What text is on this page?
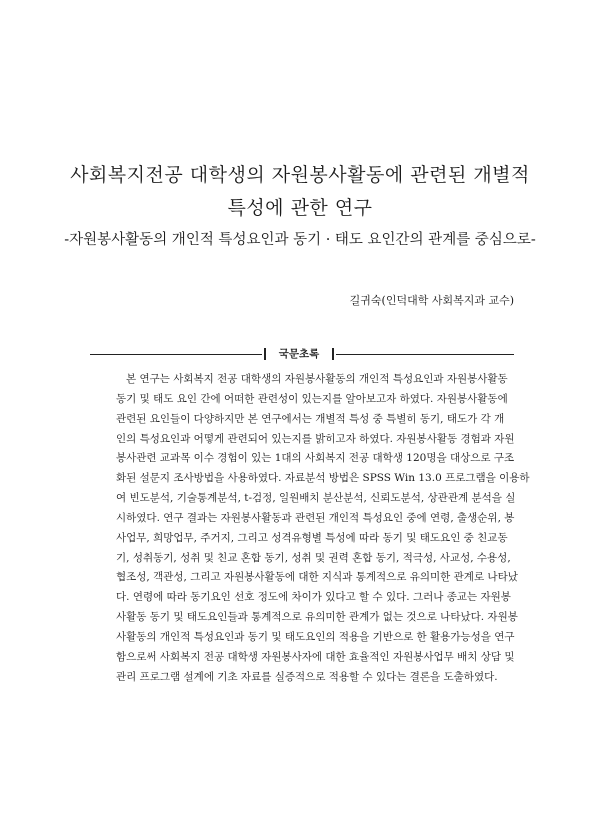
사회복지전공 대학생의 자원봉사활동에 관련된 개별적
특성에 관한 연구

-자원봉사활동의 개인적 특성요인과 동기 · 태도 요인간의 관계를 중심으로-

길귀숙(인덕대학 사회복지과 교수)

국문초록
본 연구는 사회복지 전공 대학생의 자원봉사활동의 개인적 특성요인과 자원봉사활동
동기 및 태도 요인 간에 어떠한 관련성이 있는지를 알아보고자 하였다. 자원봉사활동에
관련된 요인들이 다양하지만 본 연구에서는 개별적 특성 중 특별히 동기, 태도가 각 개
인의 특성요인과 어떻게 관련되어 있는지를 밝히고자 하였다. 자원봉사활동 경험과 자원
봉사관련 교과목 이수 경험이 있는 1대의 사회복지 전공 대학생 120명을 대상으로 구조
화된 설문지 조사방법을 사용하였다. 자료분석 방법은 SPSS Win 13.0 프로그램을 이용하
여 빈도분석, 기술통계분석, t-검정, 일원배치 분산분석, 신뢰도분석, 상관관계 분석을 실
시하였다. 연구 결과는 자원봉사활동과 관련된 개인적 특성요인 중에 연령, 출생순위, 봉
사업무, 희망업무, 주거지, 그리고 성격유형별 특성에 따라 동기 및 태도요인 중 친교동
기, 성취동기, 성취 및 친교 혼합 동기, 성취 및 권력 혼합 동기, 적극성, 사교성, 수용성,
협조성, 객관성, 그리고 자원봉사활동에 대한 지식과 통계적으로 유의미한 관계로 나타났
다. 연령에 따라 동기요인 선호 정도에 차이가 있다고 할 수 있다. 그러나 종교는 자원봉
사활동 동기 및 태도요인들과 통계적으로 유의미한 관계가 없는 것으로 나타났다. 자원봉
사활동의 개인적 특성요인과 동기 및 태도요인의 적용을 기반으로 한 활용가능성을 연구
함으로써 사회복지 전공 대학생 자원봉사자에 대한 효율적인 자원봉사업무 배치 상담 및
관리 프로그램 설계에 기초 자료를 실증적으로 적용할 수 있다는 결론을 도출하였다.
